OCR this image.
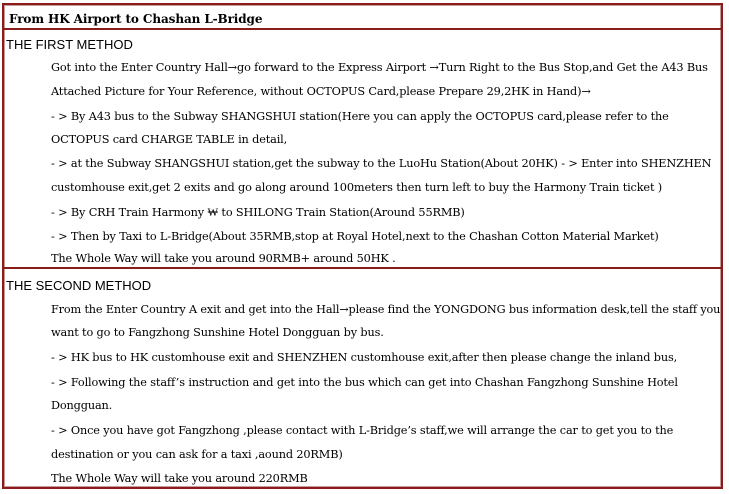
From HK Airport to Chashan L-Bridge
THE FIRST METHOD
Got into the Enter Country Hall→go forward to the Express Airport →Turn Right to the Bus Stop,and Get the A43 Bus
Attached Picture for Your Reference, without OCTOPUS Card,please Prepare 29,2HK in Hand)→
- > By A43 bus to the Subway SHANGSHUI station(Here you can apply the OCTOPUS card,please refer to the
OCTOPUS card CHARGE TABLE in detail,
- > at the Subway SHANGSHUI station,get the subway to the LuoHu Station(About 20HK) - > Enter into SHENZHEN
customhouse exit,get 2 exits and go along around 100meters then turn left to buy the Harmony Train ticket )
- > By CRH Train Harmony ₩ to SHILONG Train Station(Around 55RMB)
- > Then by Taxi to L-Bridge(About 35RMB,stop at Royal Hotel,next to the Chashan Cotton Material Market)
The Whole Way will take you around 90RMB+ around 50HK .
THE SECOND METHOD
From the Enter Country A exit and get into the Hall→please find the YONGDONG bus information desk,tell the staff you
want to go to Fangzhong Sunshine Hotel Dongguan by bus.
- > HK bus to HK customhouse exit and SHENZHEN customhouse exit,after then please change the inland bus,
- > Following the staff’s instruction and get into the bus which can get into Chashan Fangzhong Sunshine Hotel
Dongguan.
- > Once you have got Fangzhong ,please contact with L-Bridge’s staff,we will arrange the car to get you to the
destination or you can ask for a taxi ,aound 20RMB)
The Whole Way will take you around 220RMB
